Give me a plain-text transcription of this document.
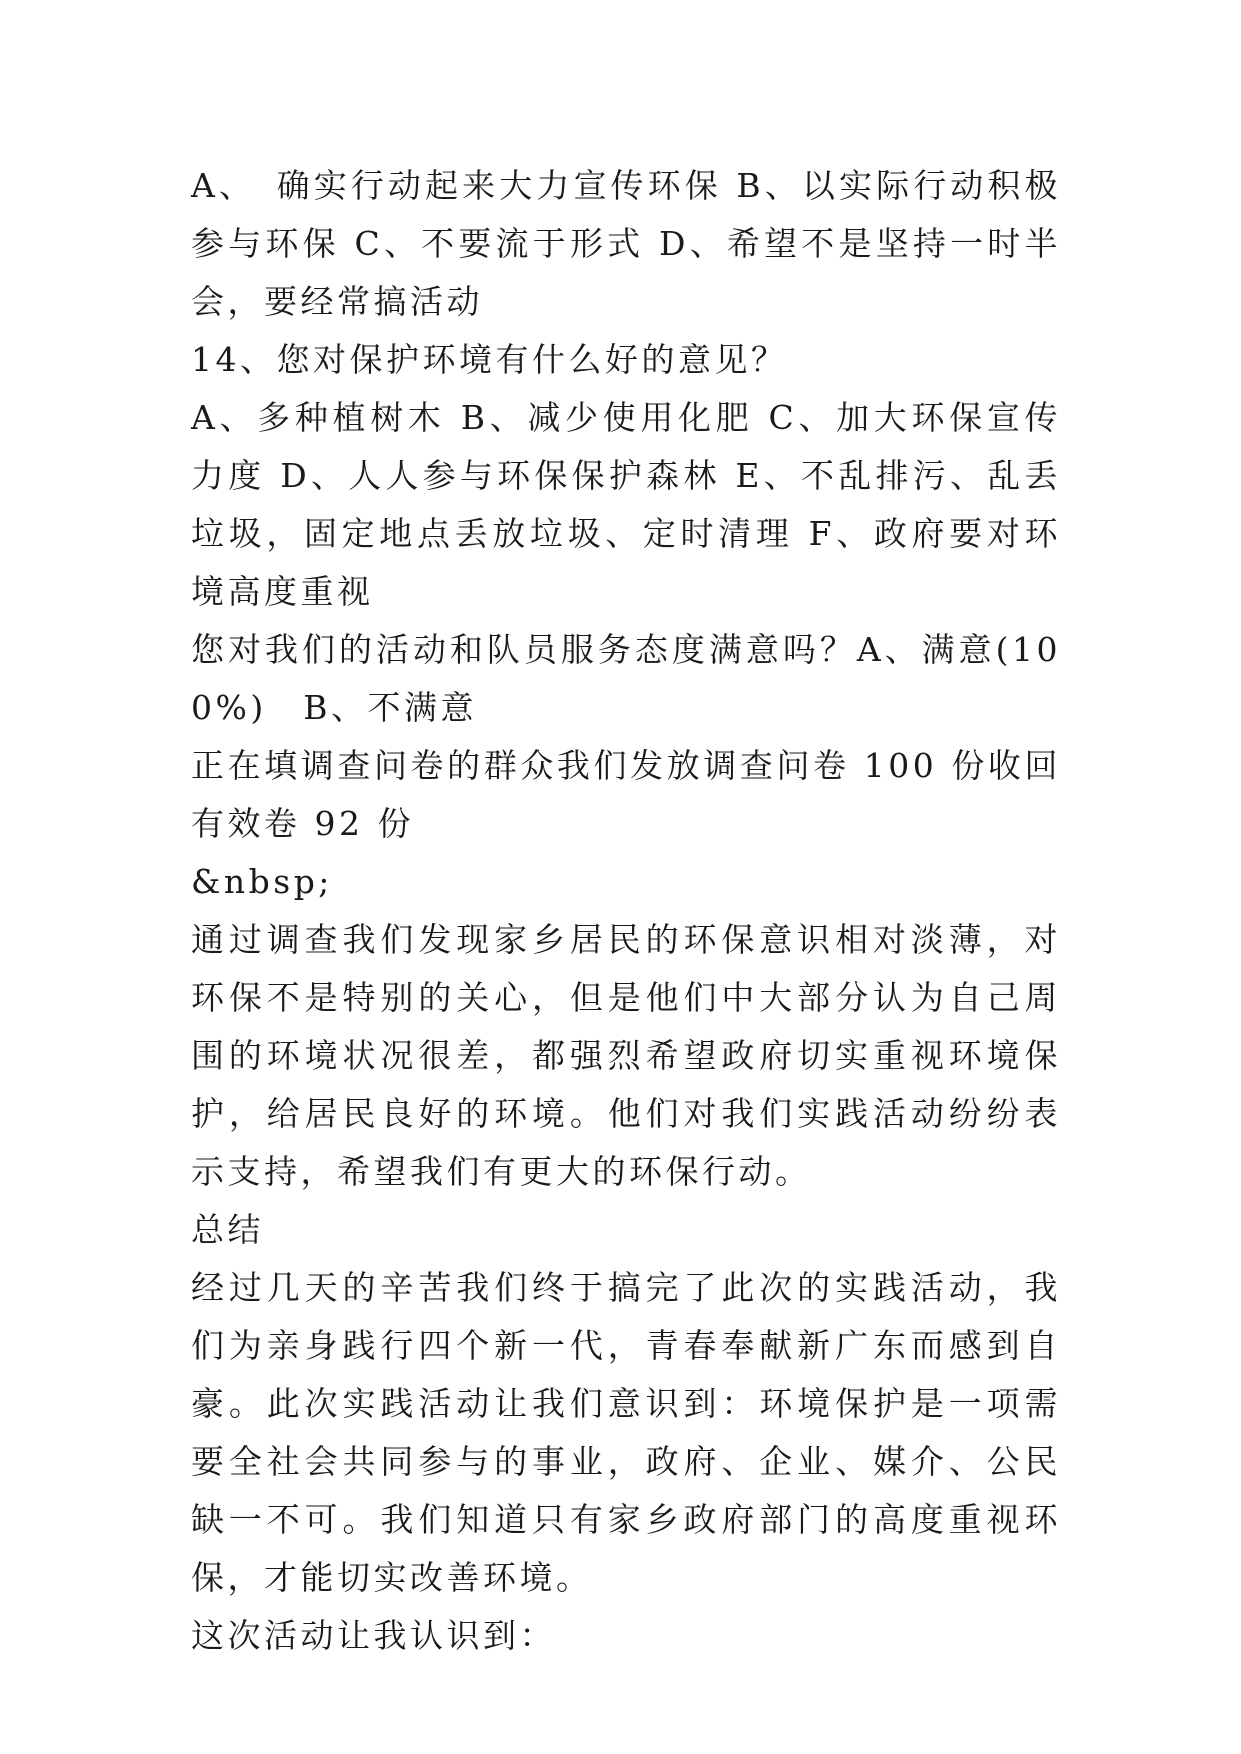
A、　确实行动起来大力宣传环保 B、以实际行动积极参与环保 C、不要流于形式 D、希望不是坚持一时半会，要经常搞活动

14、您对保护环境有什么好的意见？

A、多种植树木 B、减少使用化肥 C、加大环保宣传力度 D、人人参与环保保护森林 E、不乱排污、乱丢垃圾，固定地点丢放垃圾、定时清理 F、政府要对环境高度重视

您对我们的活动和队员服务态度满意吗？A、满意(100%)　B、不满意

正在填调查问卷的群众我们发放调查问卷 100 份收回有效卷 92 份

&nbsp;

通过调查我们发现家乡居民的环保意识相对淡薄，对环保不是特别的关心，但是他们中大部分认为自己周围的环境状况很差，都强烈希望政府切实重视环境保护，给居民良好的环境。他们对我们实践活动纷纷表示支持，希望我们有更大的环保行动。

总结

经过几天的辛苦我们终于搞完了此次的实践活动，我们为亲身践行四个新一代，青春奉献新广东而感到自豪。此次实践活动让我们意识到：环境保护是一项需要全社会共同参与的事业，政府、企业、媒介、公民缺一不可。我们知道只有家乡政府部门的高度重视环保，才能切实改善环境。

这次活动让我认识到：
